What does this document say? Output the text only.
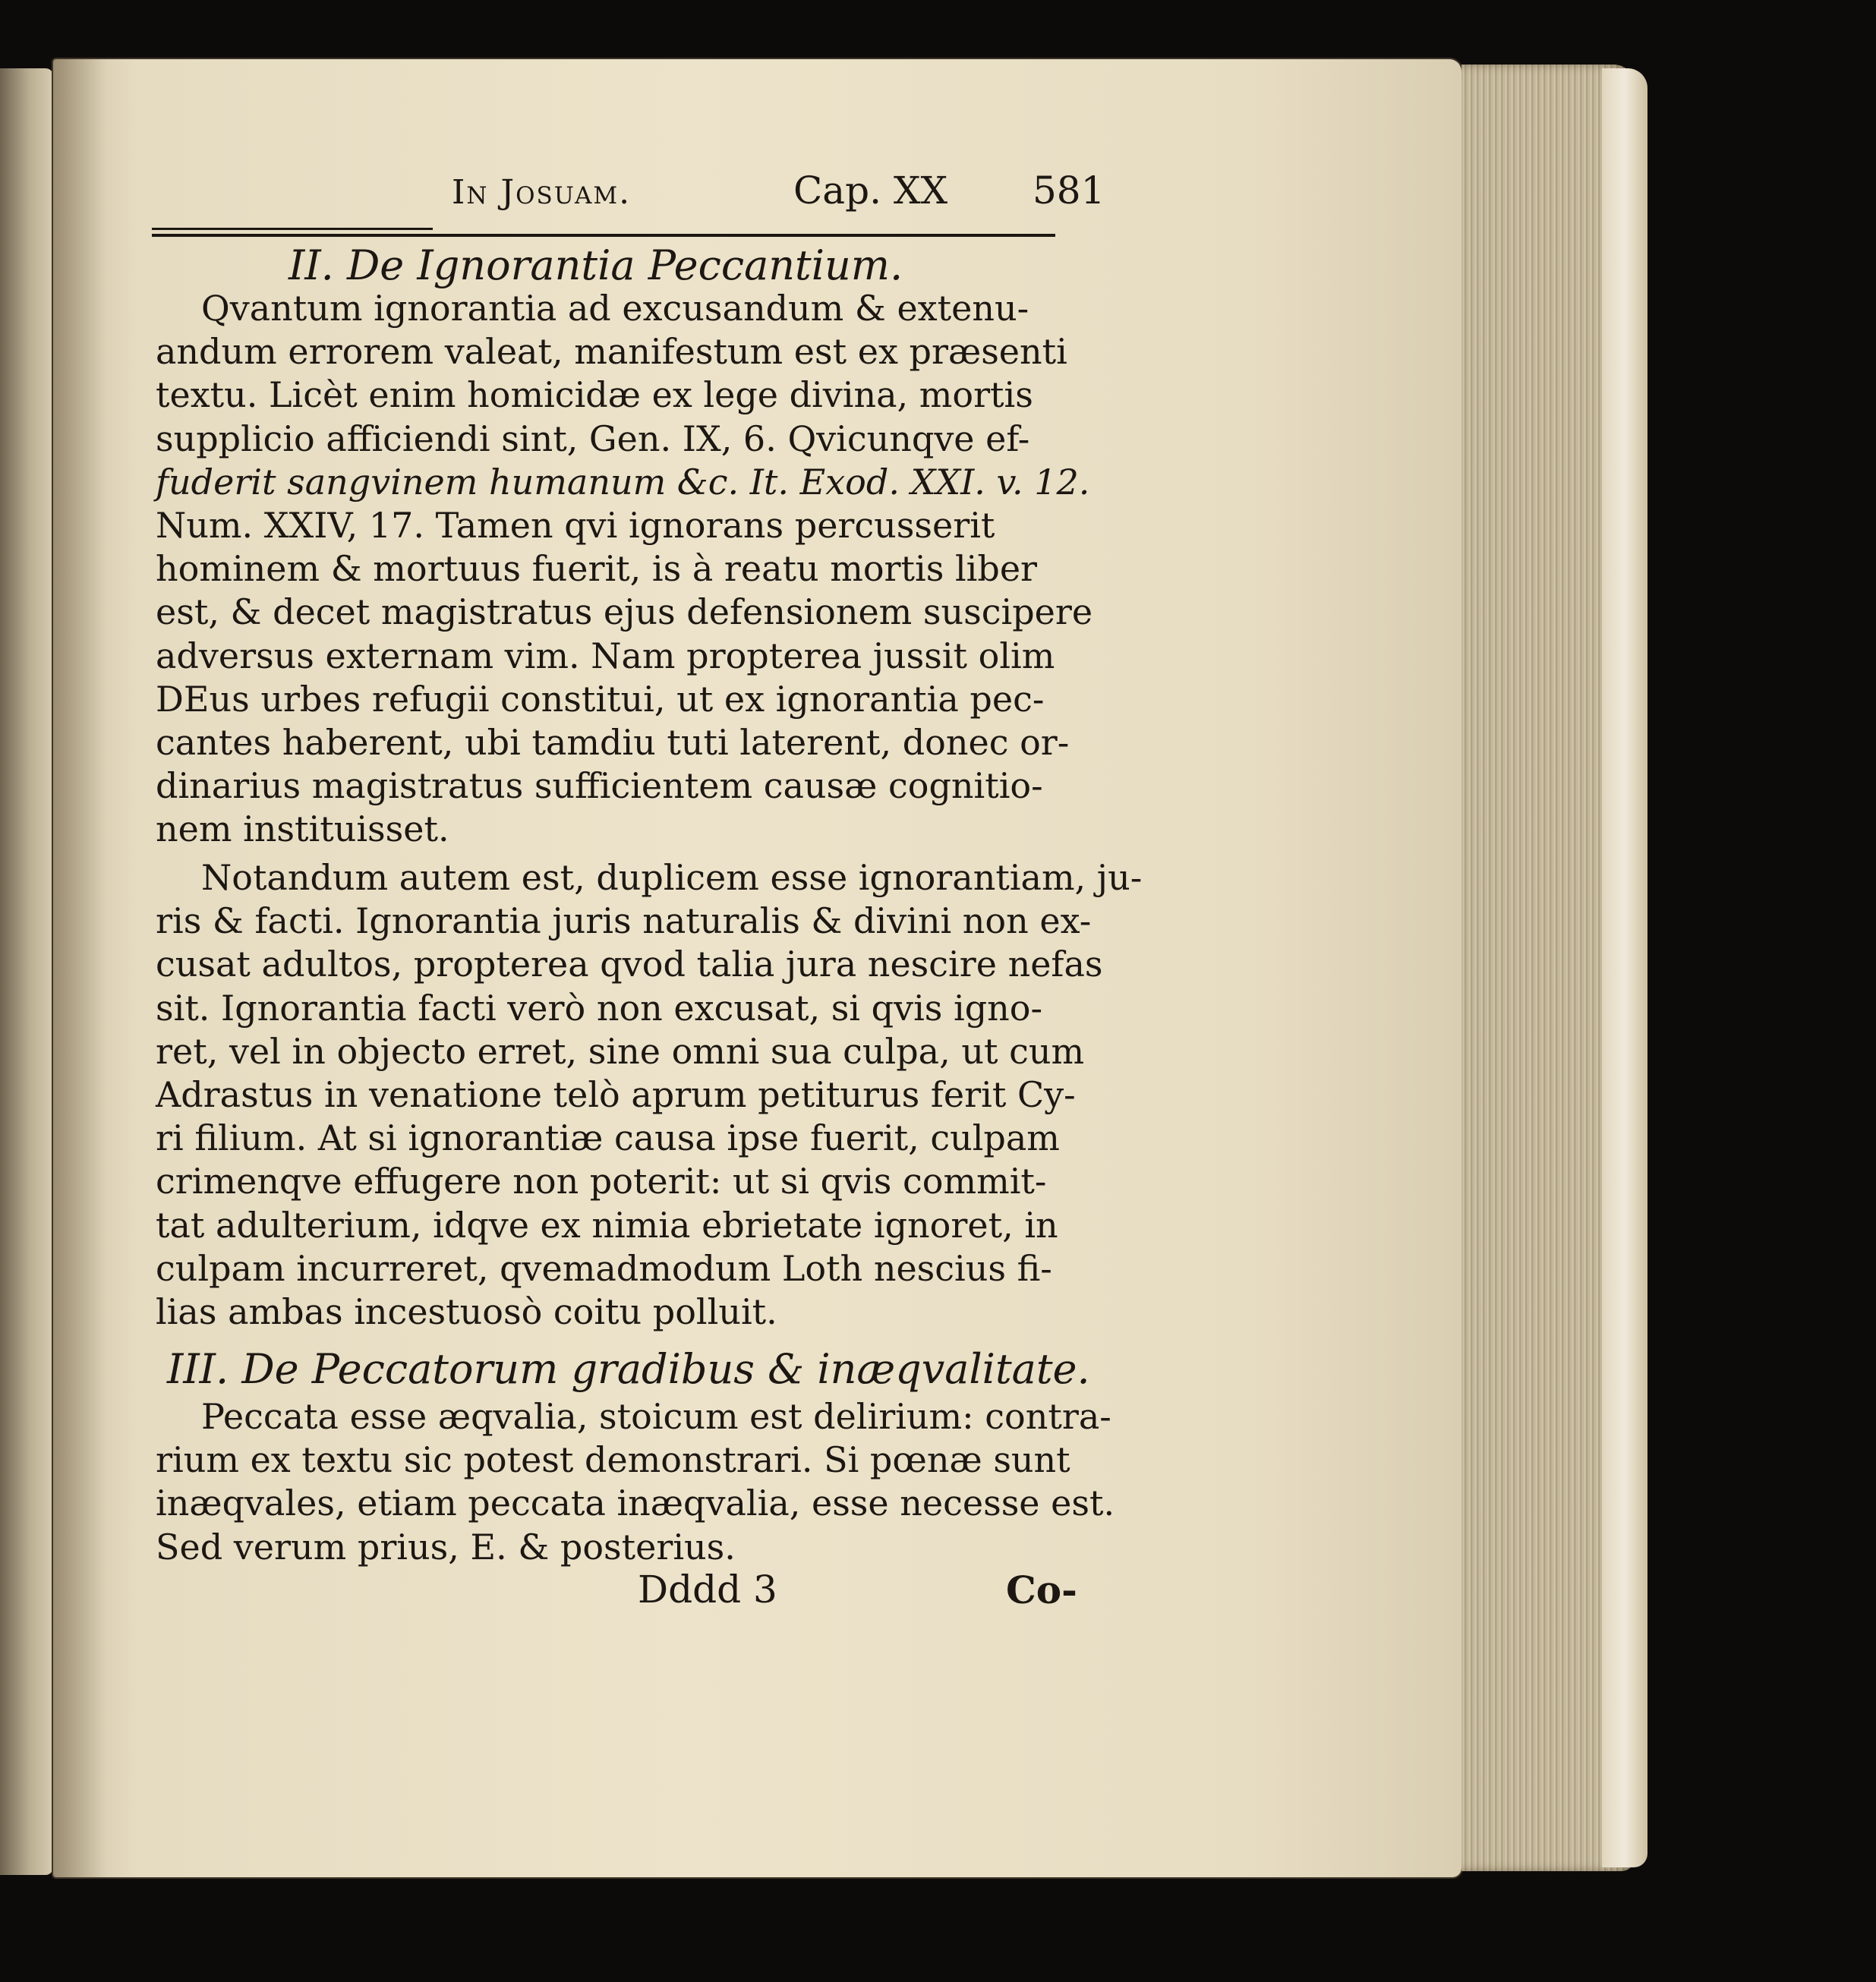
In Josuam.	Cap. XX 581
II. De Ignorantia Peccantium.
Qvantum ignorantia ad excusandum & extenu-
andum errorem valeat, manifestum est ex præsenti
textu. Licèt enim homicidæ ex lege divina, mortis
supplicio afficiendi sint, Gen. IX, 6. Qvicunqve ef-
fuderit sangvinem humanum &c. It. Exod. XXI. v. 12.
Num. XXIV, 17. Tamen qvi ignorans percusserit
hominem & mortuus fuerit, is à reatu mortis liber
est, & decet magistratus ejus defensionem suscipere
adversus externam vim. Nam propterea jussit olim
DEus urbes refugii constitui, ut ex ignorantia pec-
cantes haberent, ubi tamdiu tuti laterent, donec or-
dinarius magistratus sufficientem causæ cognitio-
nem instituisset.
Notandum autem est, duplicem esse ignorantiam, ju-
ris & facti. Ignorantia juris naturalis & divini non ex-
cusat adultos, propterea qvod talia jura nescire nefas
sit. Ignorantia facti verò non excusat, si qvis igno-
ret, vel in objecto erret, sine omni sua culpa, ut cum
Adrastus in venatione telò aprum petiturus ferit Cy-
ri filium. At si ignorantiæ causa ipse fuerit, culpam
crimenqve effugere non poterit: ut si qvis commit-
tat adulterium, idqve ex nimia ebrietate ignoret, in
culpam incurreret, qvemadmodum Loth nescius fi-
lias ambas incestuosò coitu polluit.
III. De Peccatorum gradibus & inæqvalitate.
Peccata esse æqvalia, stoicum est delirium: contra-
rium ex textu sic potest demonstrari. Si pœnæ sunt
inæqvales, etiam peccata inæqvalia, esse necesse est.
Sed verum prius, E. & posterius.
Dddd 3	Co-
